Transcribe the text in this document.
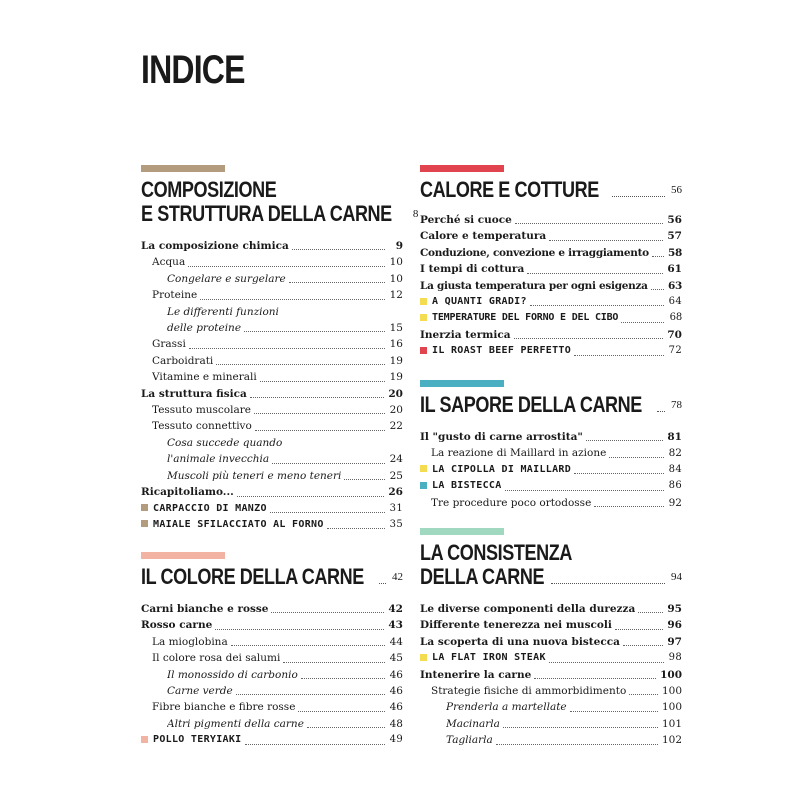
INDICE
COMPOSIZIONE
E STRUTTURA DELLA CARNE 8
La composizione chimica	9
Acqua	10
Congelare e surgelare	10
Proteine	12
Le differenti funzioni
delle proteine	15
Grassi	16
Carboidrati	19
Vitamine e minerali	19
La struttura fisica	20
Tessuto muscolare	20
Tessuto connettivo	22
Cosa succede quando
l'animale invecchia	24
Muscoli più teneri e meno teneri	25
Ricapitoliamo...	26
CARPACCIO DI MANZO	31
MAIALE SFILACCIATO AL FORNO	35
IL COLORE DELLA CARNE	42
Carni bianche e rosse	42
Rosso carne	43
La mioglobina	44
Il colore rosa dei salumi	45
Il monossido di carbonio	46
Carne verde	46
Fibre bianche e fibre rosse	46
Altri pigmenti della carne	48
POLLO TERYIAKI	49
CALORE E COTTURE	56
Perché si cuoce	56
Calore e temperatura	57
Conduzione, convezione e irraggiamento 58
I tempi di cottura	61
La giusta temperatura per ogni esigenza 63
A QUANTI GRADI?	64
TEMPERATURE DEL FORNO E DEL CIBO	68
Inerzia termica	70
IL ROAST BEEF PERFETTO	72
IL SAPORE DELLA CARNE	78
Il "gusto di carne arrostita"	81
La reazione di Maillard in azione	82
LA CIPOLLA DI MAILLARD	84
LA BISTECCA	86
Tre procedure poco ortodosse	92
LA CONSISTENZA
DELLA CARNE	94
Le diverse componenti della durezza	95
Differente tenerezza nei muscoli	96
La scoperta di una nuova bistecca	97
LA FLAT IRON STEAK	98
Intenerire la carne	100
Strategie fisiche di ammorbidimento	100
Prenderla a martellate	100
Macinarla	101
Tagliarla	102
